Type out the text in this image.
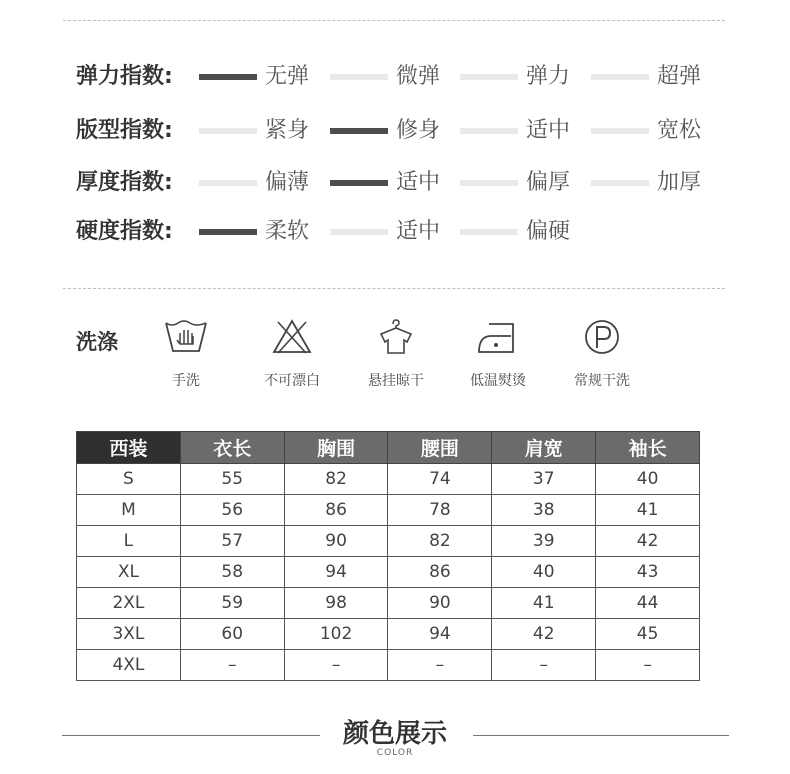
弹力指数:	无弹	微弹	弹力	超弹
版型指数:	紧身	修身	适中	宽松
厚度指数:	偏薄	适中	偏厚	加厚
硬度指数:	柔软	适中	偏硬
洗涤
手洗	不可漂白	悬挂晾干	低温熨烫	常规干洗
西装	衣长	胸围	腰围	肩宽	袖长
S	55	82	74	37	40
M	56	86	78	38	41
L	57	90	82	39	42
XL	58	94	86	40	43
2XL	59	98	90	41	44
3XL	60	102	94	42	45
4XL	–	–	–	–	–
颜色展示
COLOR
